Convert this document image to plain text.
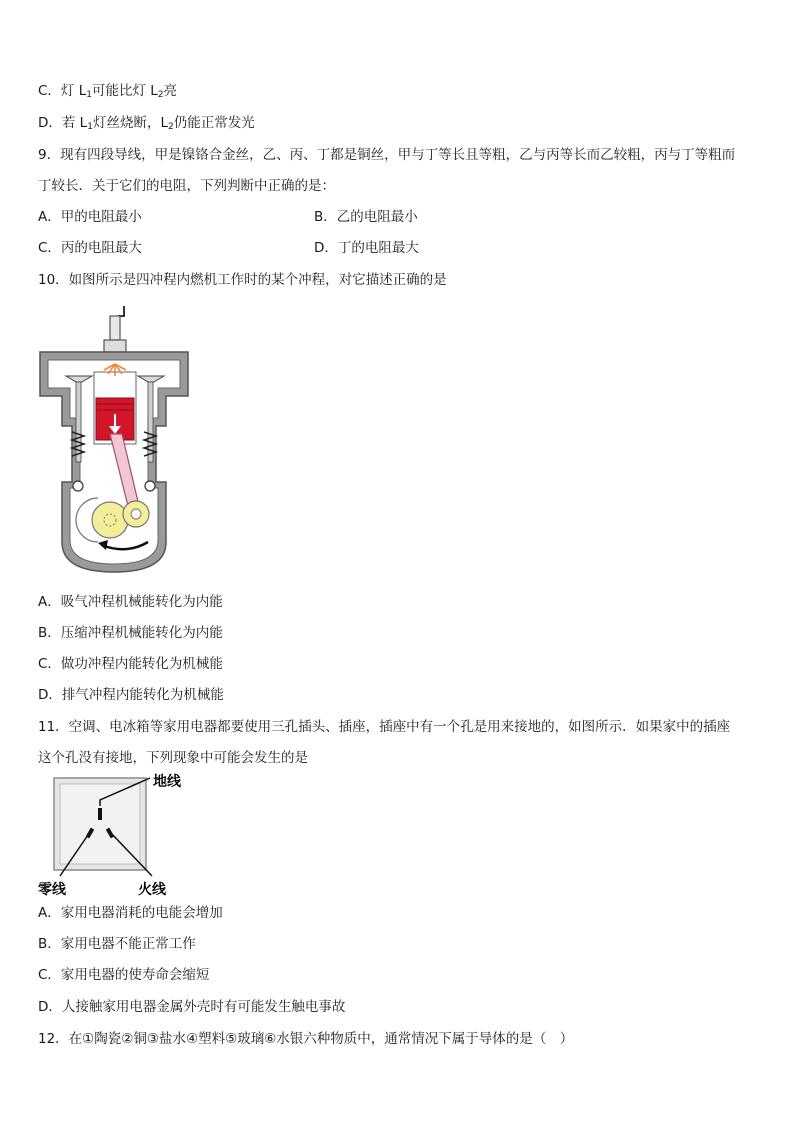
C．灯 $L_1$可能比灯 $L_2$亮
D．若 $L_1$灯丝烧断，$L_2$仍能正常发光
9．现有四段导线，甲是镍铬合金丝，乙、丙、丁都是铜丝，甲与丁等长且等粗，乙与丙等长而乙较粗，丙与丁等粗而
丁较长．关于它们的电阻，下列判断中正确的是：
A．甲的电阻最小	B．乙的电阻最小
C．丙的电阻最大	D．丁的电阻最大
10．如图所示是四冲程内燃机工作时的某个冲程，对它描述正确的是
A．吸气冲程机械能转化为内能
B．压缩冲程机械能转化为内能
C．做功冲程内能转化为机械能
D．排气冲程内能转化为机械能
11．空调、电冰箱等家用电器都要使用三孔插头、插座，插座中有一个孔是用来接地的，如图所示．如果家中的插座
这个孔没有接地，下列现象中可能会发生的是
地线
零线	火线
A．家用电器消耗的电能会增加
B．家用电器不能正常工作
C．家用电器的使寿命会缩短
D．人接触家用电器金属外壳时有可能发生触电事故
12．在①陶瓷②铜③盐水④塑料⑤玻璃⑥水银六种物质中，通常情况下属于导体的是（　）
